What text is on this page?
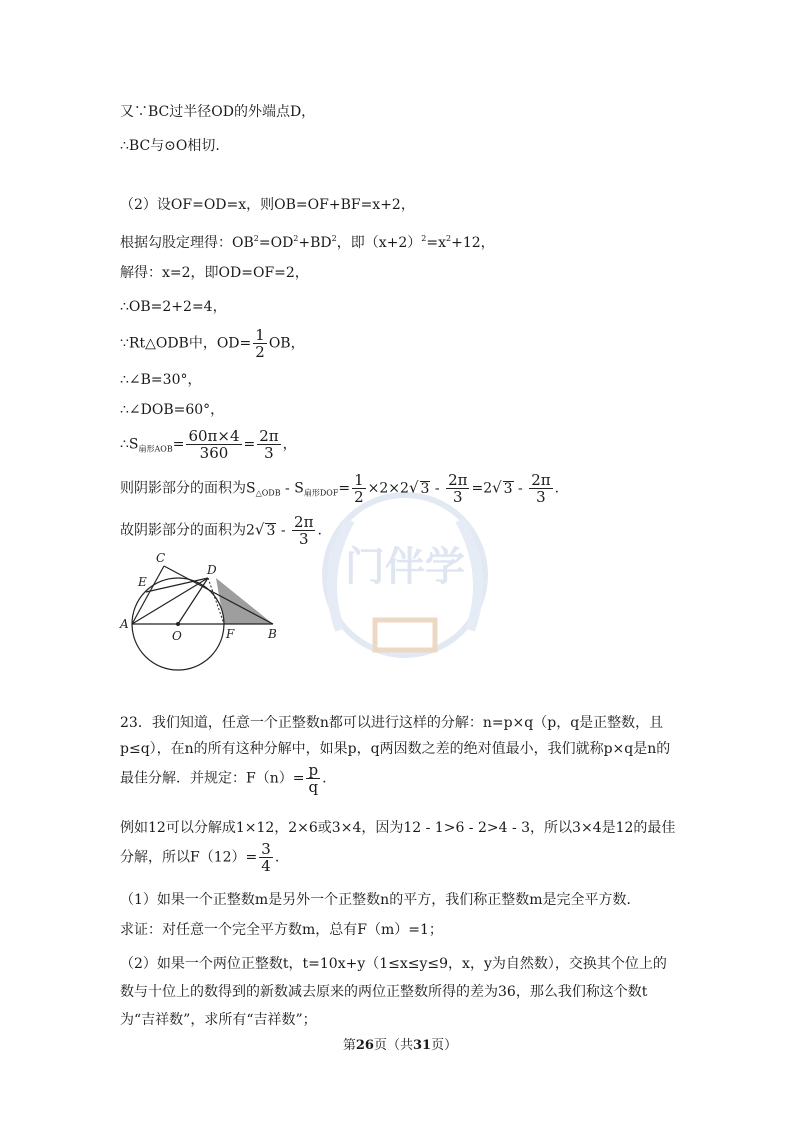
门伴学
又∵BC过半径OD的外端点D，
∴BC与⊙O相切.
（2）设OF=OD=x，则OB=OF+BF=x+2，
根据勾股定理得：$OB^2=OD^2+BD^2$，即$(x+2)^2=x^2+12$，
解得：x=2，即OD=OF=2，
∴OB=2+2=4，
∵Rt△ODB中，$OD= \frac{1}{2}$ OB，
∴∠B=30°，
∴∠DOB=60°，
$\therefore S_{扇形AOB}= \frac{60\pi\times 4}{360} = \frac{2\pi}{3}$ ，
则阴影部分的面积为$S_{\triangle ODB} - S_{扇形DOF}= \frac{1}{2} \times 2\times 2√$ $3 - \frac{2\pi}{3} =2√$ $3 - \frac{2\pi}{3}$ .
故阴影部分的面积为2√ $3 - \frac{2\pi}{3}$ .
C
E
D
A
O	F	B
23．我们知道，任意一个正整数n都可以进行这样的分解：n=p×q（p，q是正整数，且p≤q），在n的所有这种分解中，如果p，q两因数之差的绝对值最小，我们就称p×q是n的最佳分解．并规定：$F(n)= \frac{p}{q}$ .
例如12可以分解成1×12，2×6或3×4，因为12 - 1>6 - 2>4 - 3，所以3×4是12的最佳分解，所以$F(12)= \frac{3}{4}$ .
（1）如果一个正整数m是另外一个正整数n的平方，我们称正整数m是完全平方数．
求证：对任意一个完全平方数m，总有F（m）=1；
（2）如果一个两位正整数t，t=10x+y（1≤x≤y≤9，x，y为自然数），交换其个位上的数与十位上的数得到的新数减去原来的两位正整数所得的差为36，那么我们称这个数t为“吉祥数”，求所有“吉祥数”；
第26页（共31页）
